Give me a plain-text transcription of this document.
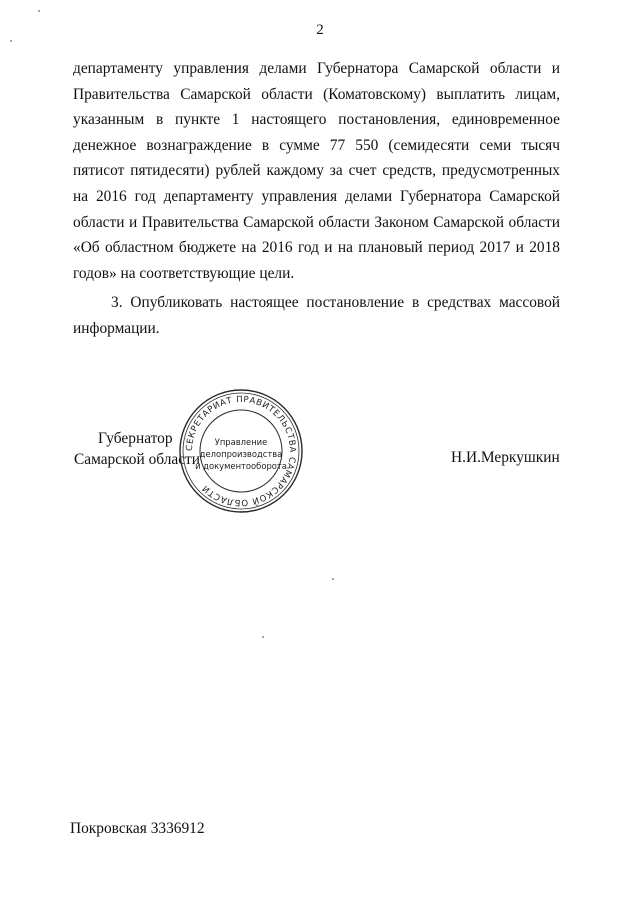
2

департаменту управления делами Губернатора Самарской области и Правительства Самарской области (Коматовскому) выплатить лицам, указанным в пункте 1 настоящего постановления, единовременное денежное вознаграждение в сумме 77 550 (семидесяти семи тысяч пятисот пятидесяти) рублей каждому за счет средств, предусмотренных на 2016 год департаменту управления делами Губернатора Самарской области и Правительства Самарской области Законом Самарской области «Об областном бюджете на 2016 год и на плановый период 2017 и 2018 годов» на соответствующие цели.

3. Опубликовать настоящее постановление в средствах массовой информации.

Губернатор
Самарской области
СЕКРЕТАРИАТ ПРАВИТЕЛЬСТВА САМАРСКОЙ ОБЛАСТИ
Управление
делопроизводства
и документооборота	Н.И.Меркушкин
Покровская 3336912
